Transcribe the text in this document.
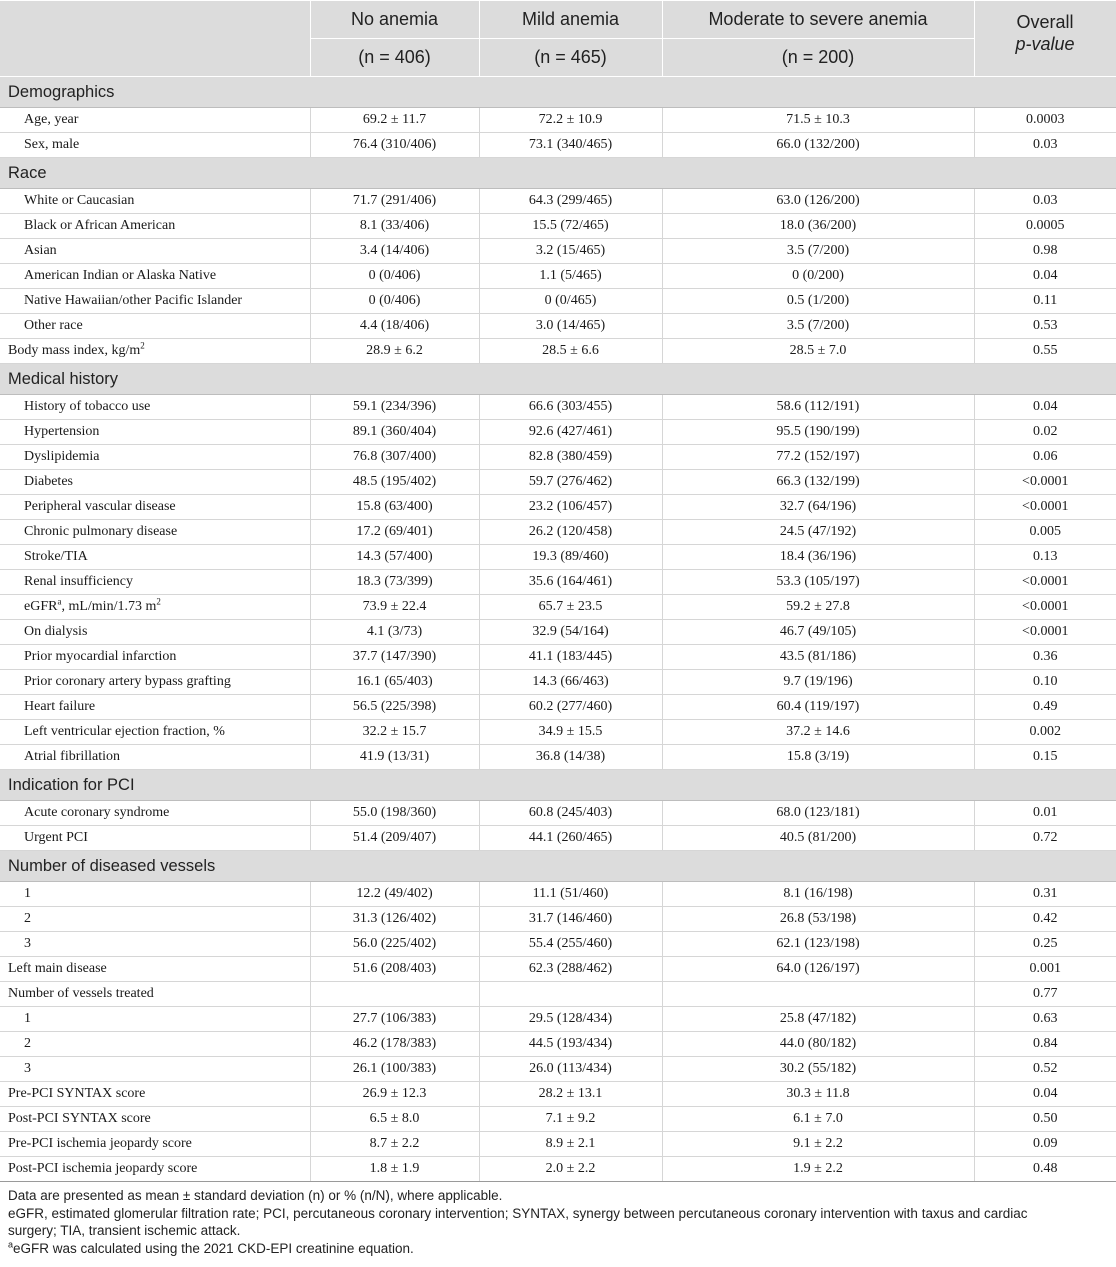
	No anemia	Mild anemia	Moderate to severe anemia	Overall
p-value
	(n = 406)	(n = 465)	(n = 200)	
Demographics				
Age, year	69.2 ± 11.7	72.2 ± 10.9	71.5 ± 10.3	0.0003
Sex, male	76.4 (310/406)	73.1 (340/465)	66.0 (132/200)	0.03
Race				
White or Caucasian	71.7 (291/406)	64.3 (299/465)	63.0 (126/200)	0.03
Black or African American	8.1 (33/406)	15.5 (72/465)	18.0 (36/200)	0.0005
Asian	3.4 (14/406)	3.2 (15/465)	3.5 (7/200)	0.98
American Indian or Alaska Native	0 (0/406)	1.1 (5/465)	0 (0/200)	0.04
Native Hawaiian/other Pacific Islander	0 (0/406)	0 (0/465)	0.5 (1/200)	0.11
Other race	4.4 (18/406)	3.0 (14/465)	3.5 (7/200)	0.53
Body mass index, $kg/m^2$	28.9 ± 6.2	28.5 ± 6.6	28.5 ± 7.0	0.55
Medical history				
History of tobacco use	59.1 (234/396)	66.6 (303/455)	58.6 (112/191)	0.04
Hypertension	89.1 (360/404)	92.6 (427/461)	95.5 (190/199)	0.02
Dyslipidemia	76.8 (307/400)	82.8 (380/459)	77.2 (152/197)	0.06
Diabetes	48.5 (195/402)	59.7 (276/462)	66.3 (132/199)	<0.0001
Peripheral vascular disease	15.8 (63/400)	23.2 (106/457)	32.7 (64/196)	<0.0001
Chronic pulmonary disease	17.2 (69/401)	26.2 (120/458)	24.5 (47/192)	0.005
Stroke/TIA	14.3 (57/400)	19.3 (89/460)	18.4 (36/196)	0.13
Renal insufficiency	18.3 (73/399)	35.6 (164/461)	53.3 (105/197)	<0.0001
eGFR$^a$, mL/min/1.73 $m^2$	73.9 ± 22.4	65.7 ± 23.5	59.2 ± 27.8	<0.0001
On dialysis	4.1 (3/73)	32.9 (54/164)	46.7 (49/105)	<0.0001
Prior myocardial infarction	37.7 (147/390)	41.1 (183/445)	43.5 (81/186)	0.36
Prior coronary artery bypass grafting	16.1 (65/403)	14.3 (66/463)	9.7 (19/196)	0.10
Heart failure	56.5 (225/398)	60.2 (277/460)	60.4 (119/197)	0.49
Left ventricular ejection fraction, %	32.2 ± 15.7	34.9 ± 15.5	37.2 ± 14.6	0.002
Atrial fibrillation	41.9 (13/31)	36.8 (14/38)	15.8 (3/19)	0.15
Indication for PCI				
Acute coronary syndrome	55.0 (198/360)	60.8 (245/403)	68.0 (123/181)	0.01
Urgent PCI	51.4 (209/407)	44.1 (260/465)	40.5 (81/200)	0.72
Number of diseased vessels				
1	12.2 (49/402)	11.1 (51/460)	8.1 (16/198)	0.31
2	31.3 (126/402)	31.7 (146/460)	26.8 (53/198)	0.42
3	56.0 (225/402)	55.4 (255/460)	62.1 (123/198)	0.25
Left main disease	51.6 (208/403)	62.3 (288/462)	64.0 (126/197)	0.001
Number of vessels treated				0.77
1	27.7 (106/383)	29.5 (128/434)	25.8 (47/182)	0.63
2	46.2 (178/383)	44.5 (193/434)	44.0 (80/182)	0.84
3	26.1 (100/383)	26.0 (113/434)	30.2 (55/182)	0.52
Pre-PCI SYNTAX score	26.9 ± 12.3	28.2 ± 13.1	30.3 ± 11.8	0.04
Post-PCI SYNTAX score	6.5 ± 8.0	7.1 ± 9.2	6.1 ± 7.0	0.50
Pre-PCI ischemia jeopardy score	8.7 ± 2.2	8.9 ± 2.1	9.1 ± 2.2	0.09
Post-PCI ischemia jeopardy score	1.8 ± 1.9	2.0 ± 2.2	1.9 ± 2.2	0.48
Data are presented as mean ± standard deviation (n) or % (n/N), where applicable.
eGFR, estimated glomerular filtration rate; PCI, percutaneous coronary intervention; SYNTAX, synergy between percutaneous coronary intervention with taxus and cardiac
surgery; TIA, transient ischemic attack.
$^a$eGFR was calculated using the 2021 CKD-EPI creatinine equation.
